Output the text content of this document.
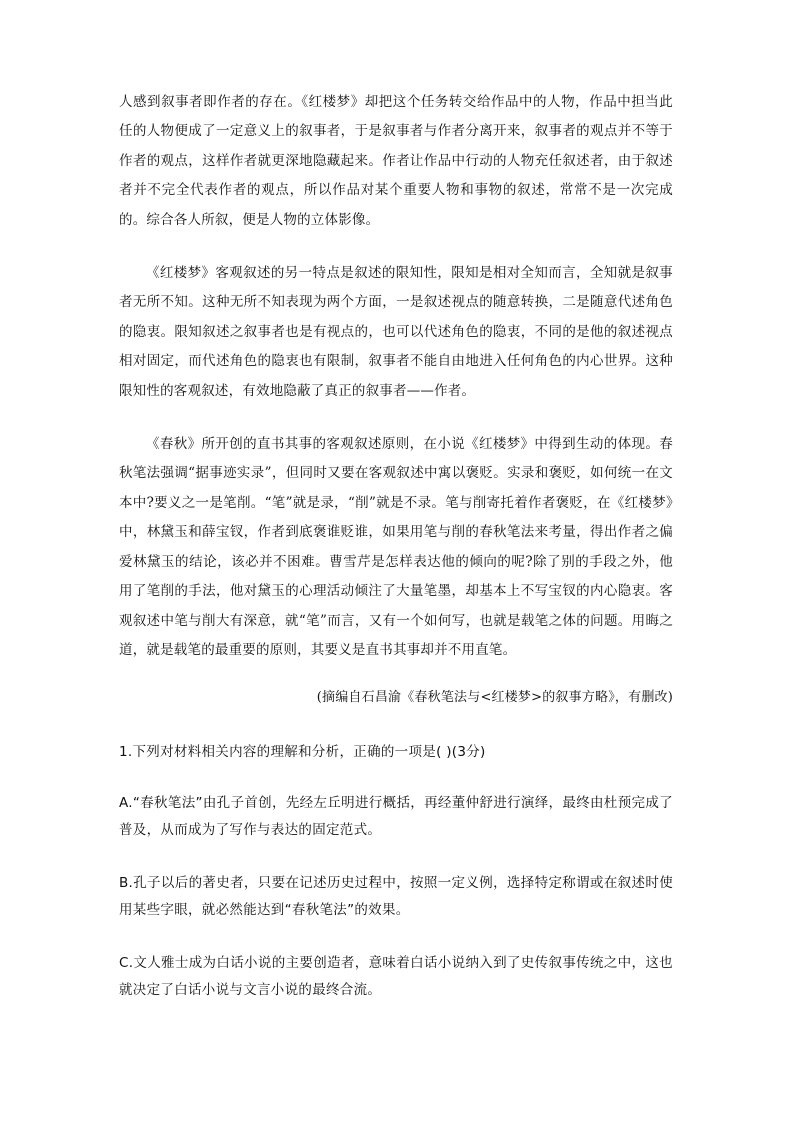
人感到叙事者即作者的存在。《红楼梦》却把这个任务转交给作品中的人物，作品中担当此任的人物便成了一定意义上的叙事者，于是叙事者与作者分离开来，叙事者的观点并不等于作者的观点，这样作者就更深地隐藏起来。作者让作品中行动的人物充任叙述者，由于叙述者并不完全代表作者的观点，所以作品对某个重要人物和事物的叙述，常常不是一次完成的。综合各人所叙，便是人物的立体影像。

《红楼梦》客观叙述的另一特点是叙述的限知性，限知是相对全知而言，全知就是叙事者无所不知。这种无所不知表现为两个方面，一是叙述视点的随意转换，二是随意代述角色的隐衷。限知叙述之叙事者也是有视点的，也可以代述角色的隐衷，不同的是他的叙述视点相对固定，而代述角色的隐衷也有限制，叙事者不能自由地进入任何角色的内心世界。这种限知性的客观叙述，有效地隐蔽了真正的叙事者——作者。

《春秋》所开创的直书其事的客观叙述原则，在小说《红楼梦》中得到生动的体现。春秋笔法强调“据事迹实录”，但同时又要在客观叙述中寓以褒贬。实录和褒贬，如何统一在文本中?要义之一是笔削。“笔”就是录，“削”就是不录。笔与削寄托着作者褒贬，在《红楼梦》中，林黛玉和薛宝钗，作者到底褒谁贬谁，如果用笔与削的春秋笔法来考量，得出作者之偏爱林黛玉的结论，该必并不困难。曹雪芹是怎样表达他的倾向的呢?除了别的手段之外，他用了笔削的手法，他对黛玉的心理活动倾注了大量笔墨，却基本上不写宝钗的内心隐衷。客观叙述中笔与削大有深意，就“笔”而言，又有一个如何写，也就是载笔之体的问题。用晦之道，就是载笔的最重要的原则，其要义是直书其事却并不用直笔。

(摘编自石昌渝《春秋笔法与<红楼梦>的叙事方略》，有删改)

1.下列对材料相关内容的理解和分析，正确的一项是( )(3分)

A.“春秋笔法”由孔子首创，先经左丘明进行概括，再经董仲舒进行演绎，最终由杜预完成了普及，从而成为了写作与表达的固定范式。

B.孔子以后的著史者，只要在记述历史过程中，按照一定义例，选择特定称谓或在叙述时使用某些字眼，就必然能达到“春秋笔法”的效果。

C.文人雅士成为白话小说的主要创造者，意味着白话小说纳入到了史传叙事传统之中，这也就决定了白话小说与文言小说的最终合流。
